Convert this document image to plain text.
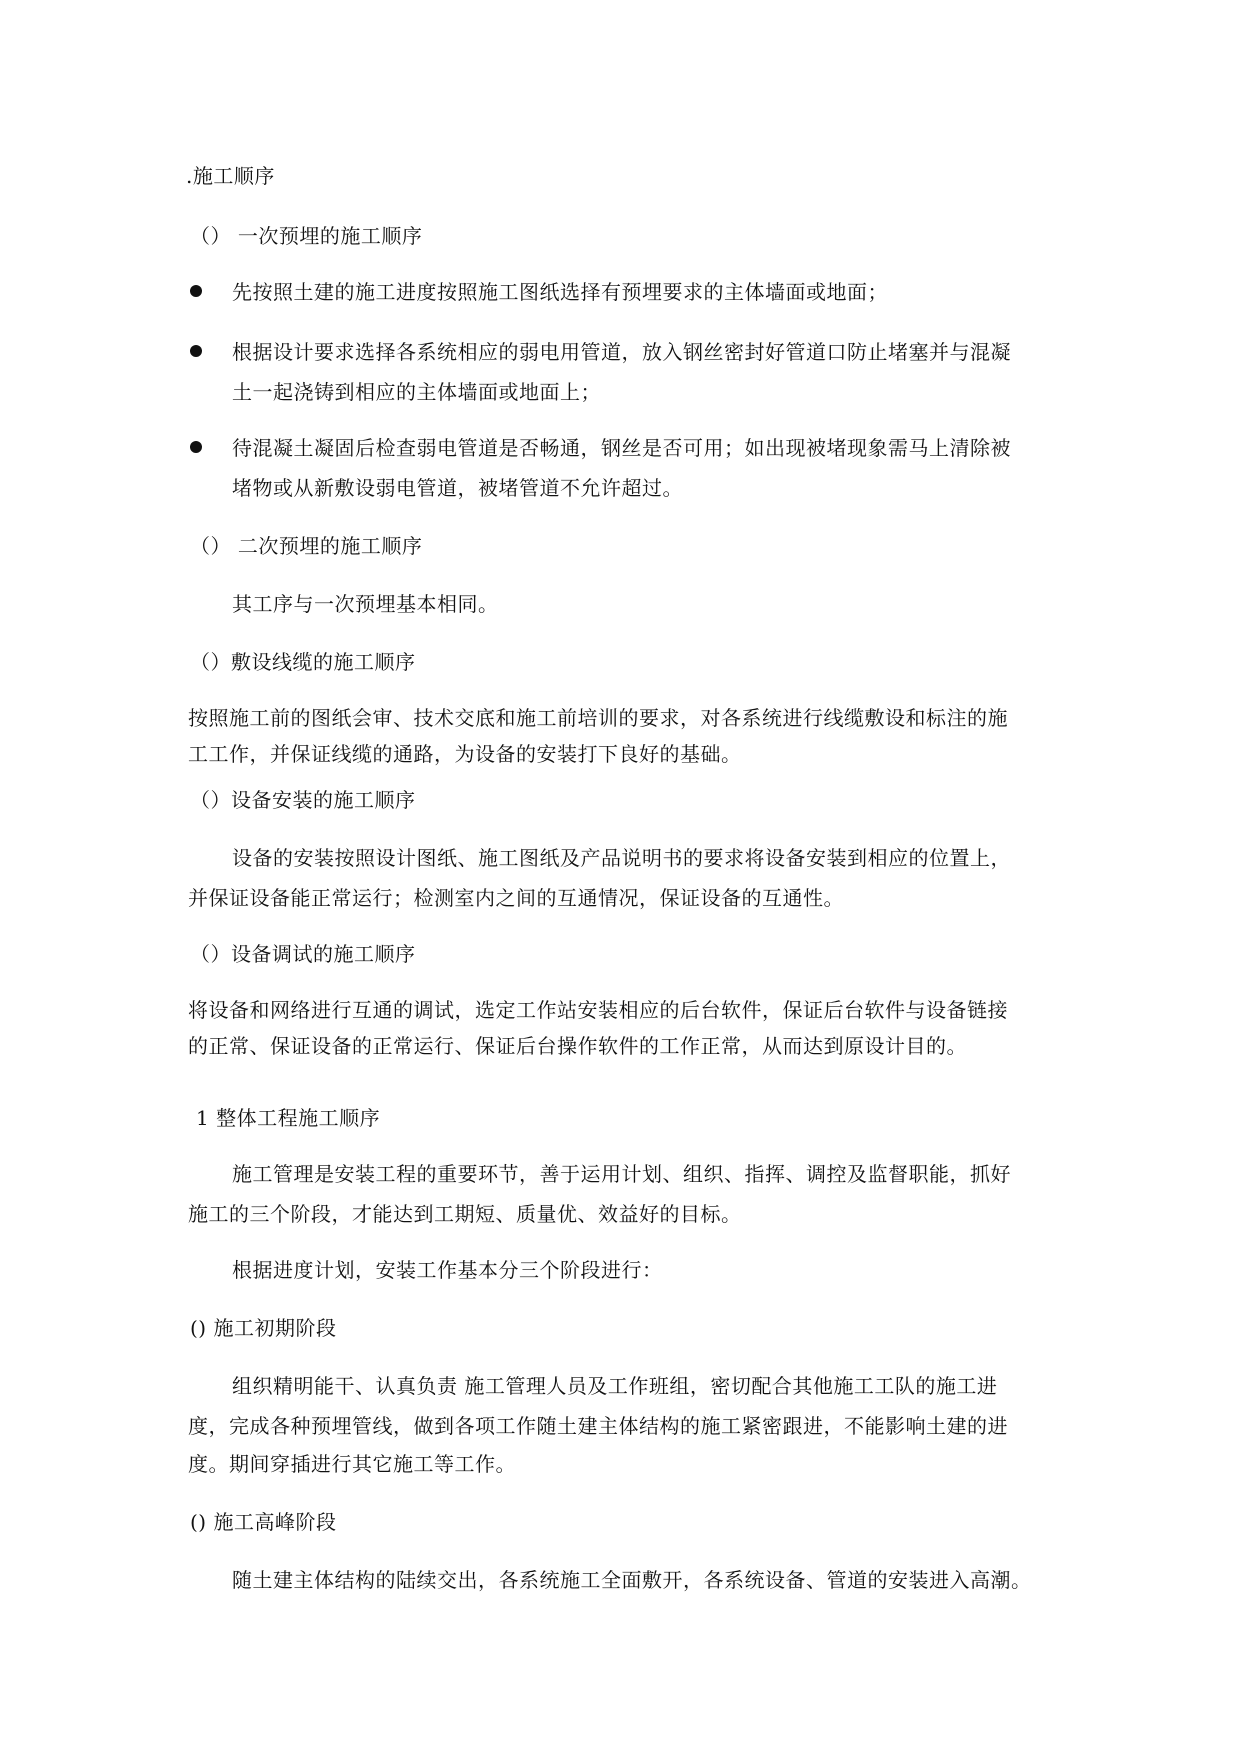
.施工顺序
（） 一次预埋的施工顺序
先按照土建的施工进度按照施工图纸选择有预埋要求的主体墙面或地面；
根据设计要求选择各系统相应的弱电用管道，放入钢丝密封好管道口防止堵塞并与混凝
土一起浇铸到相应的主体墙面或地面上；
待混凝土凝固后检查弱电管道是否畅通，钢丝是否可用；如出现被堵现象需马上清除被
堵物或从新敷设弱电管道，被堵管道不允许超过。
（） 二次预埋的施工顺序
其工序与一次预埋基本相同。
（）敷设线缆的施工顺序
按照施工前的图纸会审、技术交底和施工前培训的要求，对各系统进行线缆敷设和标注的施
工工作，并保证线缆的通路，为设备的安装打下良好的基础。
（）设备安装的施工顺序
设备的安装按照设计图纸、施工图纸及产品说明书的要求将设备安装到相应的位置上，
并保证设备能正常运行；检测室内之间的互通情况，保证设备的互通性。
（）设备调试的施工顺序
将设备和网络进行互通的调试，选定工作站安装相应的后台软件，保证后台软件与设备链接
的正常、保证设备的正常运行、保证后台操作软件的工作正常，从而达到原设计目的。
1 整体工程施工顺序
施工管理是安装工程的重要环节，善于运用计划、组织、指挥、调控及监督职能，抓好
施工的三个阶段，才能达到工期短、质量优、效益好的目标。
根据进度计划，安装工作基本分三个阶段进行：
() 施工初期阶段
组织精明能干、认真负责 施工管理人员及工作班组，密切配合其他施工工队的施工进
度，完成各种预埋管线，做到各项工作随土建主体结构的施工紧密跟进，不能影响土建的进
度。期间穿插进行其它施工等工作。
() 施工高峰阶段
随土建主体结构的陆续交出，各系统施工全面敷开，各系统设备、管道的安装进入高潮。
